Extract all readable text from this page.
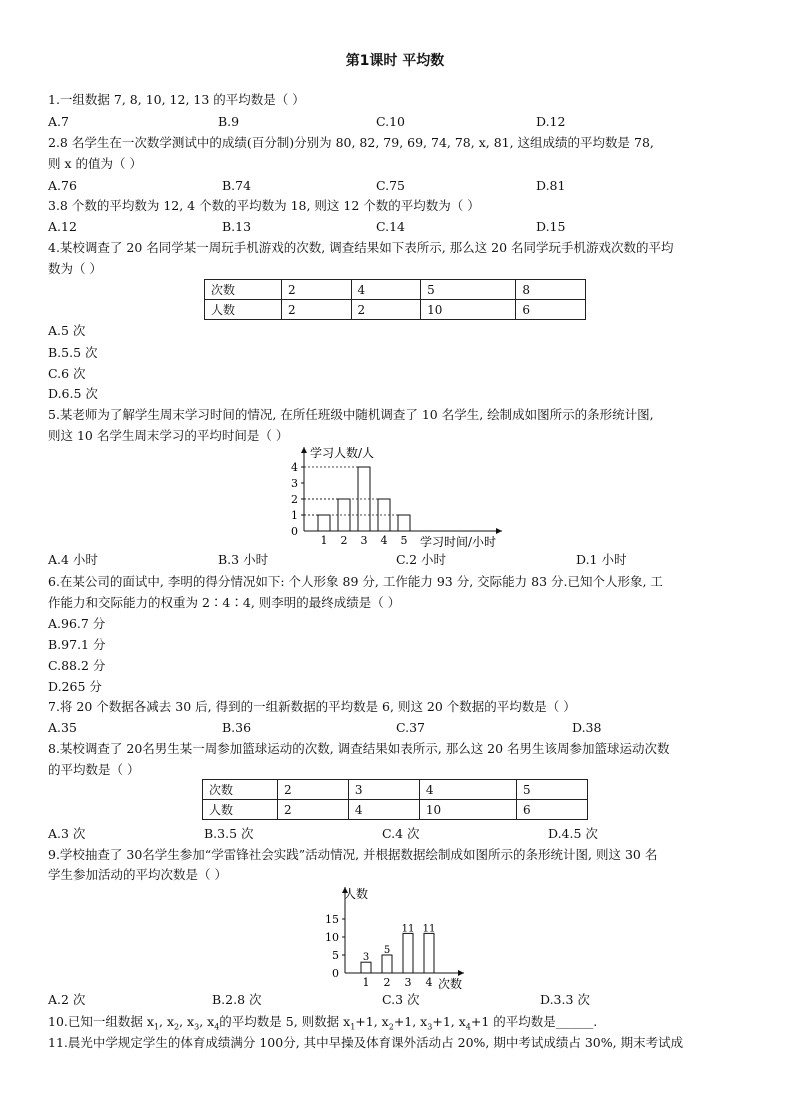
第1课时 平均数
1.一组数据 7, 8, 10, 12, 13 的平均数是（ ）
A.7	B.9	C.10	D.12
2.8 名学生在一次数学测试中的成绩(百分制)分别为 80, 82, 79, 69, 74, 78, x, 81, 这组成绩的平均数是 78,
则 x 的值为（ ）
A.76	B.74	C.75	D.81
3.8 个数的平均数为 12, 4 个数的平均数为 18, 则这 12 个数的平均数为（ ）
A.12	B.13	C.14	D.15
4.某校调查了 20 名同学某一周玩手机游戏的次数, 调查结果如下表所示, 那么这 20 名同学玩手机游戏次数的平均
数为（ ）
次数	2	4	5	8
人数	2	2	10	6
A.5 次
B.5.5 次
C.6 次
D.6.5 次
5.某老师为了解学生周末学习时间的情况, 在所任班级中随机调查了 10 名学生, 绘制成如图所示的条形统计图,
则这 10 名学生周末学习的平均时间是（ ）
0
1
2
3
4
1 2 3 4 5
学习人数/人
学习时间/小时
A.4 小时	B.3 小时	C.2 小时	D.1 小时
6.在某公司的面试中, 李明的得分情况如下: 个人形象 89 分, 工作能力 93 分, 交际能力 83 分.已知个人形象, 工
作能力和交际能力的权重为 2∶4∶4, 则李明的最终成绩是（ ）
A.96.7 分
B.97.1 分
C.88.2 分
D.265 分
7.将 20 个数据各减去 30 后, 得到的一组新数据的平均数是 6, 则这 20 个数据的平均数是（ ）
A.35	B.36	C.37	D.38
8.某校调查了 20名男生某一周参加篮球运动的次数, 调查结果如表所示, 那么这 20 名男生该周参加篮球运动次数
的平均数是（ ）
次数	2	3	4	5
人数	2	4	10	6
A.3 次	B.3.5 次	C.4 次	D.4.5 次
9.学校抽查了 30名学生参加“学雷锋社会实践”活动情况, 并根据数据绘制成如图所示的条形统计图, 则这 30 名
学生参加活动的平均次数是（ ）
0
5
10
15
1
3
2
5
3
11
4
11
人数
次数
A.2 次	B.2.8 次	C.3 次	D.3.3 次
10.已知一组数据 $x_1$, $x_2$, $x_3$, $x_4$的平均数是 5, 则数据 $x_1+1$, $x_2+1$, $x_3+1$, $x_4+1$ 的平均数是______.
11.晨光中学规定学生的体育成绩满分 100分, 其中早操及体育课外活动占 20%, 期中考试成绩占 30%, 期末考试成
